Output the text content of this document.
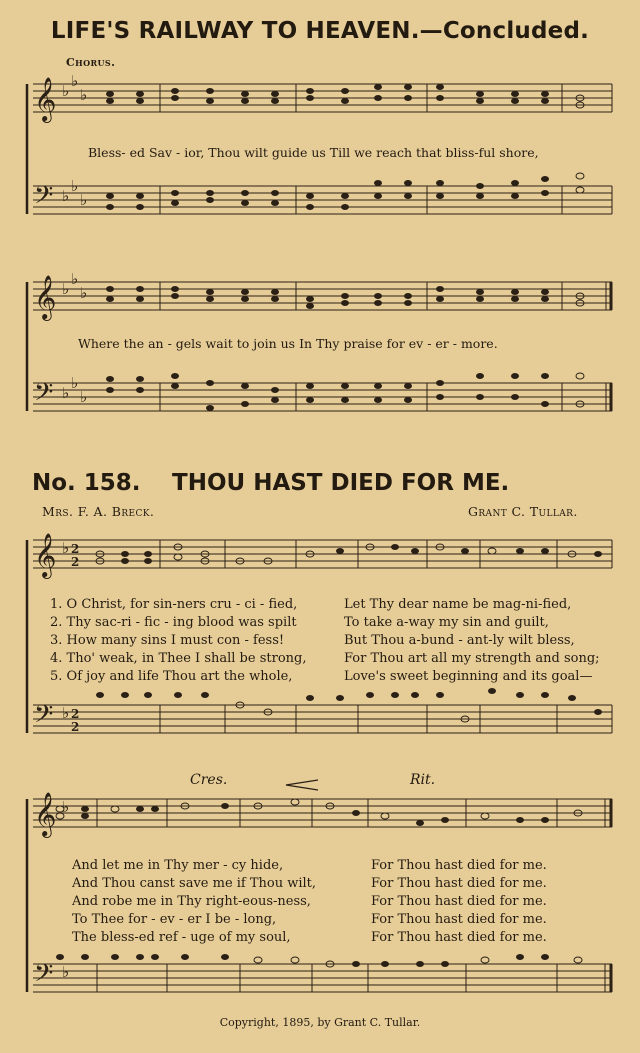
LIFE'S RAILWAY TO HEAVEN.—Concluded.
Chorus.
𝄞
𝄢
𝄞
𝄢
𝄞
𝄢
𝄞
𝄢
♭
♭
♭
♭
♭
♭
♭
♭
♭
♭
♭
♭
♭
♭
♭
♭
2
2
2
2
Bless- ed Sav - ior, Thou wilt guide us Till we reach that bliss-ful shore,
Where the an - gels wait to join us In Thy praise for ev - er - more.
No. 158. THOU HAST DIED FOR ME.
Mrs. F. A. Breck.	Grant C. Tullar.
1. O Christ, for sin-ners cru - ci - fied,	Let Thy dear name be mag-ni-fied,
2. Thy sac-ri - fic - ing blood was spilt	To take a-way my sin and guilt,
3. How many sins I must con - fess!	But Thou a-bund - ant-ly wilt bless,
4. Tho' weak, in Thee I shall be strong,	For Thou art all my strength and song;
5. Of joy and life Thou art the whole,	Love's sweet beginning and its goal—
Cres.	Rit.
And let me in Thy mer - cy hide,	For Thou hast died for me.
And Thou canst save me if Thou wilt,	For Thou hast died for me.
And robe me in Thy right-eous-ness,	For Thou hast died for me.
To Thee for - ev - er I be - long,	For Thou hast died for me.
The bless-ed ref - uge of my soul,	For Thou hast died for me.
Copyright, 1895, by Grant C. Tullar.
